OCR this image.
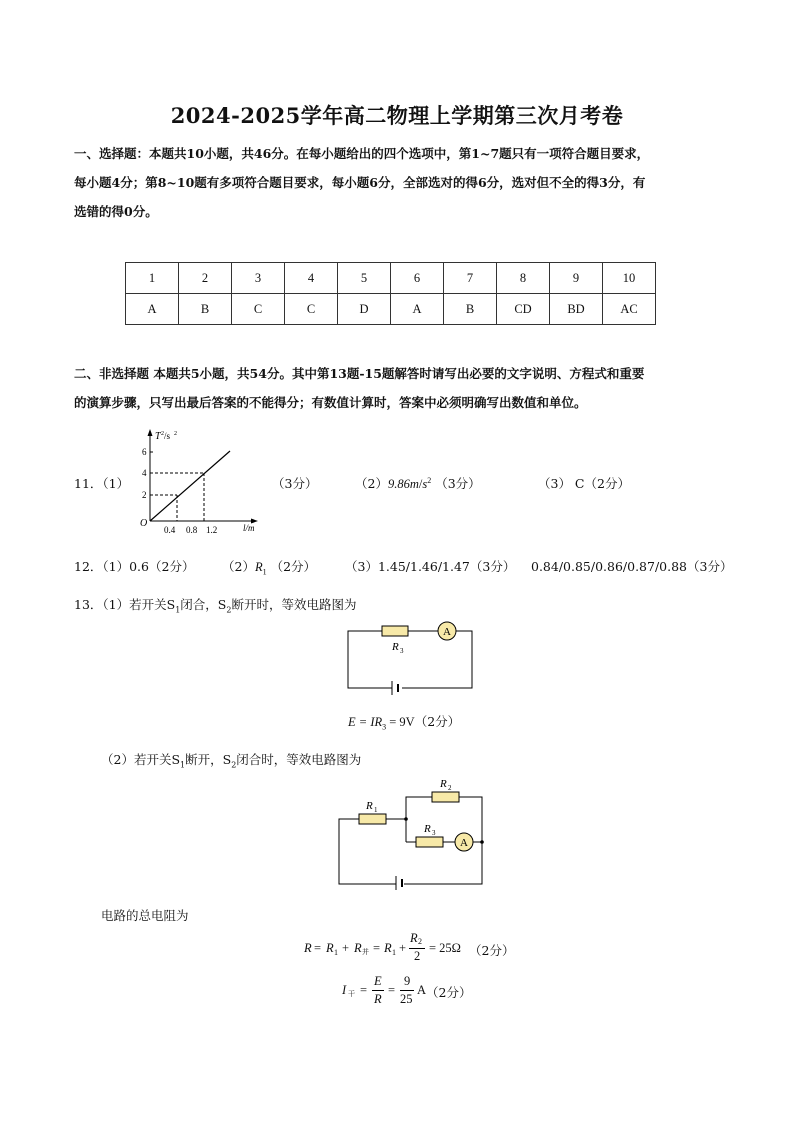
2024-2025学年高二物理上学期第三次月考卷
一、选择题：本题共10小题，共46分。在每小题给出的四个选项中，第1~7题只有一项符合题目要求，
每小题4分；第8~10题有多项符合题目要求，每小题6分，全部选对的得6分，选对但不全的得3分，有
选错的得0分。
1	2	3	4	5	6	7	8	9	10
A	B	C	C	D	A	B	CD	BD	AC
二、非选择题 本题共5小题，共54分。其中第13题-15题解答时请写出必要的文字说明、方程式和重要
的演算步骤，只写出最后答案的不能得分；有数值计算时，答案中必须明确写出数值和单位。
11．（1）
T 2 /s 2
6
4
2
O
0.4 0.8 1.2	l/m
（3分）	$(2)9.86m/s^2$ （3分）	（3） C（2分）
12．（1）0.6（2分） $(2)R_1$ （2分） （3）1.45/1.46/1.47（3分） 0.84/0.85/0.86/0.87/0.88（3分）
13．（1）若开关$S_1$闭合，$S_2$断开时，等效电路图为
A
R 3
$E = IR_3 = 9V(2$分）
（2）若开关$S_1$断开，$S_2$闭合时，等效电路图为
A
R 1
R 2
R 3
电路的总电阻为
R = R 1 + R 并 = R 1 +
R 2
2
= 25Ω （2分）
I 干 =
E
R
=
9
25
A （2分）
